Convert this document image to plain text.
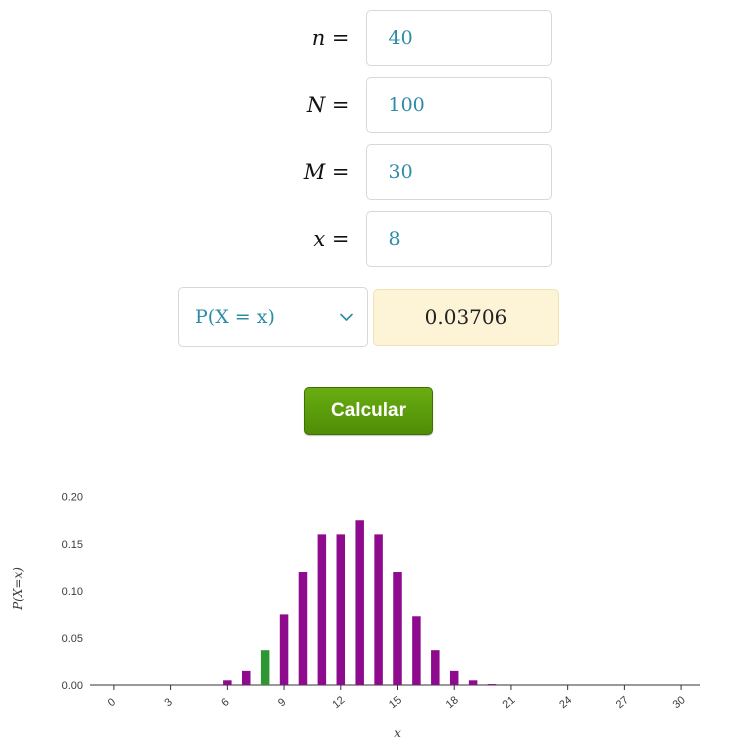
n =	40
N =	100
M =	30
x =	8
P(X = x)	0.03706
Calcular
0.00
0.05
0.10
0.15
0.20
0	3	6	9	12	15	18	21	24	27	30
x
P(X=x)
